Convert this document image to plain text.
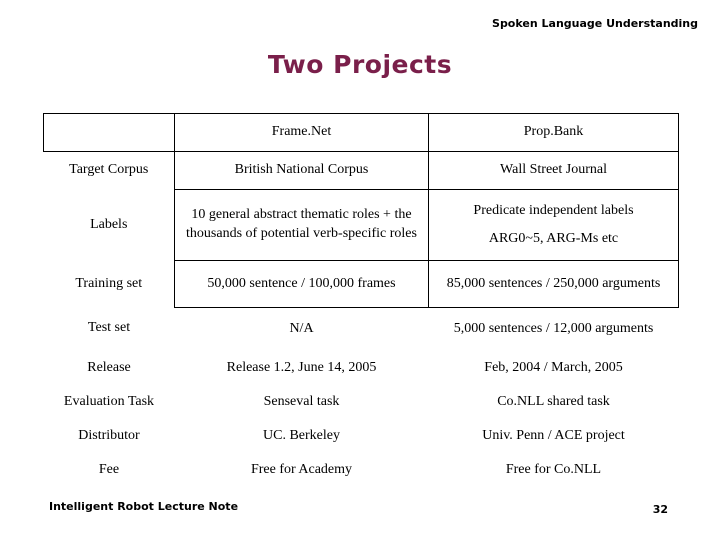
Spoken Language Understanding
Two Projects
	Frame.Net	Prop.Bank
Target Corpus	British National Corpus	Wall Street Journal
Labels	10 general abstract thematic roles + the thousands of potential verb-specific roles	Predicate independent labels
ARG0~5, ARG-Ms etc

Training set	50,000 sentence / 100,000 frames	85,000 sentences / 250,000 arguments
Test set	N/A	5,000 sentences / 12,000 arguments
Release	Release 1.2, June 14, 2005	Feb, 2004 / March, 2005
Evaluation Task	Senseval task	Co.NLL shared task
Distributor	UC. Berkeley	Univ. Penn / ACE project
Fee	Free for Academy	Free for Co.NLL
Intelligent Robot Lecture Note	32
